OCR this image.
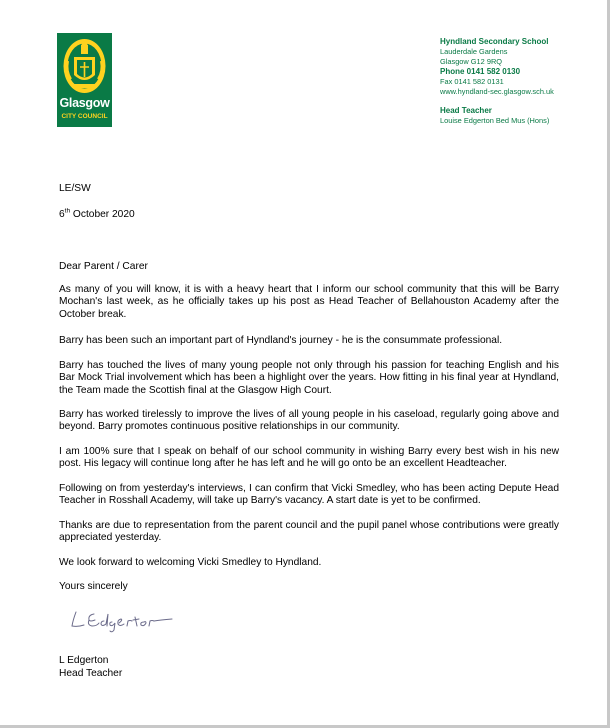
Glasgow
CITY COUNCIL
Hyndland Secondary School
Lauderdale Gardens
Glasgow G12 9RQ
Phone 0141 582 0130
Fax 0141 582 0131
www.hyndland-sec.glasgow.sch.uk
Head Teacher
Louise Edgerton Bed Mus (Hons)

LE/SW

6th October 2020

Dear Parent / Carer

As many of you will know, it is with a heavy heart that I inform our school community that this will be Barry Mochan's last week, as he officially takes up his post as Head Teacher of Bellahouston Academy after the October break.

Barry has been such an important part of Hyndland's journey - he is the consummate professional.

Barry has touched the lives of many young people not only through his passion for teaching English and his Bar Mock Trial involvement which has been a highlight over the years. How fitting in his final year at Hyndland, the Team made the Scottish final at the Glasgow High Court.

Barry has worked tirelessly to improve the lives of all young people in his caseload, regularly going above and beyond. Barry promotes continuous positive relationships in our community.

I am 100% sure that I speak on behalf of our school community in wishing Barry every best wish in his new post. His legacy will continue long after he has left and he will go onto be an excellent Headteacher.

Following on from yesterday's interviews, I can confirm that Vicki Smedley, who has been acting Depute Head Teacher in Rosshall Academy, will take up Barry's vacancy. A start date is yet to be confirmed.

Thanks are due to representation from the parent council and the pupil panel whose contributions were greatly appreciated yesterday.

We look forward to welcoming Vicki Smedley to Hyndland.

Yours sincerely

L Edgerton

Head Teacher
